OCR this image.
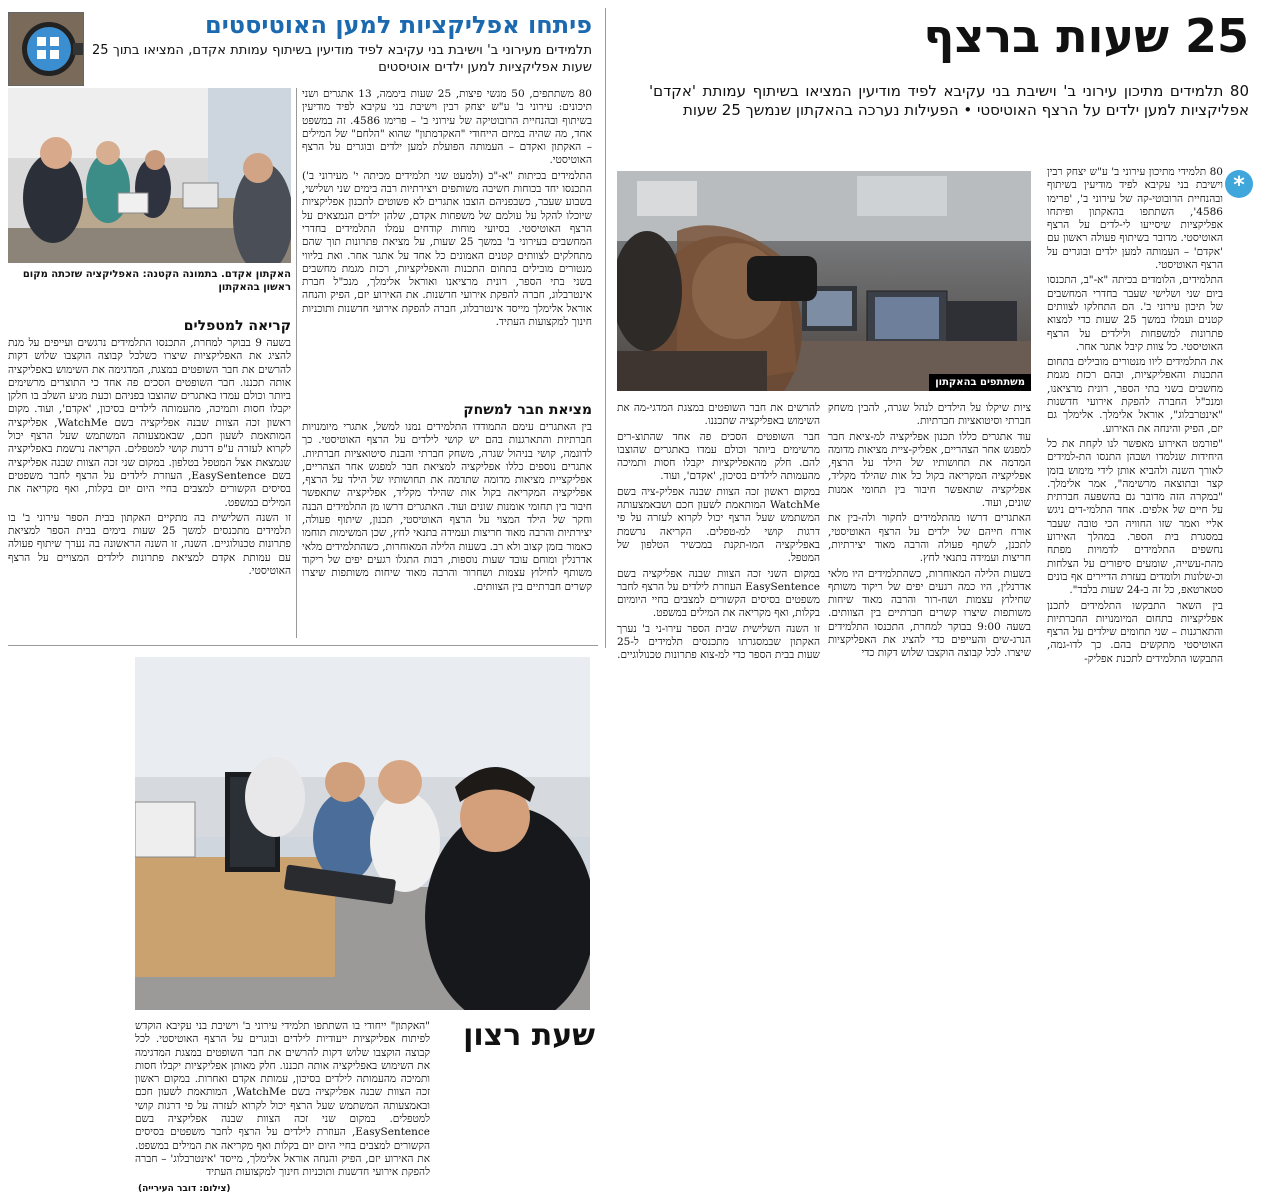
25 שעות ברצף
80 תלמידים מתיכון עירוני ב' וישיבת בני עקיבא לפיד מודיעין המציאו בשיתוף עמותת 'אקדם' אפליקציות למען ילדים על הרצף האוטיסטי • הפעילות נערכה בהאקתון שנמשך 25 שעות
משתתפים בהאקתון
*

80 תלמידי מתיכון עירוני ב' ע"ש יצחק רבין וישיבת בני עקיבא לפיד מודיעין בשיתוף ובהנחיית הרובוטי-קה של עירוני ב', 'פרימו 4586', השתתפו בהאקתון ופיתחו אפליקציות שיסייעו לי-לדים על הרצף האוטיסטי. מדובר בשיתוף פעולה ראשון עם 'אקדם' – העמותה למען ילדים ובוגרים על הרצף האוטיסטי.

התלמידים, הלומדים בכיתה "א-"ב, התכנסו ביום שני ושלישי שעבר בחדרי המחשבים של תיכון עירוני ב'. הם התחלקו לצוותים קטנים ועמלו במשך 25 שעות כדי למצוא פתרונות למשפחות ולילדים על הרצף האוטיסטי. כל צוות קיבל אתגר אחר.

את התלמידים ליוו מנטורים מובילים בתחום התכנות והאפליקציות, ובהם רכזת מגמת מחשבים בשני בתי הספר, רונית מרציאנו, ומנכ"ל החברה להפקת אירועי חדשנות "אינטרבלוג", אוראל אלימלך. אלימלך גם יזם, הפיק והינחה את האירוע.

"פורמט האירוע מאפשר לנו לקחת את כל היחידות שנלמדו ושבהן התנסו הת-למידים לאורך השנה ולהביא אותן לידי מימוש בזמן קצר ובתוצאה מרשימה", אמר אלימלך. "במקרה הזה מדובר גם בהשפעה חברתית על חיים של אלפים. אחד התלמי-דים ניגש אליי ואמר שזו החוויה הכי טובה שעבר במסגרת בית הספר. במהלך האירוע נחשפים התלמידים לדמויות מפתח מהת-עשייה, שומעים סיפורים על הצלחות וכ-שלונות ולומדים בעזרת הדיירים אף בונים סטארטאפ, כל זה ב-24 שעות בלבד".

בין השאר התבקשו התלמידים לתכנן אפליקציות בתחום המיומנויות החברתיות והתארגנות – שני תחומים שילדים על הרצף האוטיסטי מתקשים בהם. כך לדו-גמה, התבקשו התלמידים לתכנת אפליק-

ציות שיקלו על הילדים לנהל שגרה, להבין משחק חברתי וסיטואציות חברתיות.

עוד אתגרים כללו תכנון אפליקציה למ-ציאת חבר למפגש אחר הצהריים, אפליק-ציית מציאות מדומה המדמה את תחושותיו של הילד על הרצף, אפליקציה המקריאה בקול כל אות שהילד מקליד, אפליקציה שתאפשר חיבור בין תחומי אמנות שונים, ועוד.

האתגרים דרשו מהתלמידים לחקור ולה-בין את אורח חייהם של ילדים על הרצף האוטיסטי, לתכנן, לשתף פעולה והרבה מאוד יצירתיות, חריצות ועמידה בתנאי לחץ.

בשעות הלילה המאוחרות, כשהתלמידים היו מלאי אדרנלין, היו כמה רגעים יפים של ריקוד משותף שחילוץ עצמות ושח-רור והרבה מאוד שיחות משותפות שיצרו קשרים חברתיים בין הצוותים. בשעה 9:00 בבוקר למחרת, התכנסו התלמידים הנרג-שים והעייפים כדי להציג את האפליקציות שיצרו. לכל קבוצה הוקצבו שלוש דקות כדי

להרשים את חבר השופטים במצגת המדגי-מה את השימוש באפליקציה שתכננו.

חבר השופטים הסכים פה אחד שהתוצ-רים מרשימים ביותר וכולם עמדו באתגרים שהוצבו להם. חלק מהאפליקציות יקבלו חסות ותמיכה מהעמותה לילדים בסיכון, 'אקדם', ועוד.

במקום ראשון זכה הצוות שבנה אפליק-ציה בשם WatchMe המותאמת לשעון חכם ושבאמצעותה המשתמש שעל הרצף יכול לקרוא לעזרה על פי דרגות קושי למ-טפלים. הקריאה נרשמת באפליקציה המו-תקנת במכשיר הטלפון של המטפל.

במקום השני זכה הצוות שבנה אפליקציה בשם EasySentence העוזרת לילדים על הרצף לחבר משפטים בסיסים הקשורים למצבים בחיי היומיום בקלות, ואף מקריאה את המילים במשפט.

זו השנה השלישית שבית הספר עירו-ני ב' נערך האקתון שבמסגרתו מתכנסים תלמידים ל-25 שעות בבית הספר כדי למ-צוא פתרונות טכנולוגיים.

פיתחו אפליקציות למען האוטיסטים
תלמידים מעירוני ב' וישיבת בני עקיבא לפיד מודיעין בשיתוף עמותת אקדם, המציאו בתוך 25 שעות אפליקציות למען ילדים אוטיסטים
האקתון אקדם. בתמונה הקטנה: האפליקציה שזכתה מקום ראשון בהאקתון

80 משתתפים, 50 מגשי פיצות, 25 שעות ביממה, 13 אתגרים ושני תיכונים: עירוני ב' ע"ש יצחק רבין וישיבת בני עקיבא לפיד מודיעין בשיתוף ובהנחיית הרובוטיקה של עירוני ב' – פרימו 4586. זה במשפט אחד, מה שהיה במיזם הייחודי "האקדמתון" שהוא "הלחם" של המילים – האקתון ואקדם – העמותה הפועלת למען ילדים ובוגרים על הרצף האוטיסטי.

התלמידים בכיתות "א-"ב (ולמעט שני תלמידים מכיתה י' מעירוני ב') התכנסו יחד בכוחות חשיבה משותפים ויצירתיות רבה בימים שני ושלישי, בשבוע שעבר, כשבפניהם הוצבו אתגרים לא פשוטים לתכנון אפליקציות שיוכלו להקל על עולמם של משפחות אקדם, שלהן ילדים הנמצאים על הרצף האוטיסטי. בסיועי מוחות קודחים עמלו התלמידים בחדרי המחשבים בעירוני ב' במשך 25 שעות, על מציאת פתרונות תוך שהם מתחלקים לצוותים קטנים האמונים כל אחד על אתגר אחר. ואת בליווי מנטורים מובילים בתחום התכנות והאפליקציות, רכזת מגמת מחשבים בשני בתי הספר, רונית מרציאנו ואוראל אלימלך, מנכ"ל חברת אינטרבלוג, חברה להפקת אירועי חדשנות. את האירוע יזם, הפיק והנחה אוראל אלימלך מייסד אינטרבלוג, חברה להפקת אירועי חדשנות ותוכניות חינוך למקצועות העתיד.

מציאת חבר למשחק

בין האתגרים עימם התמודדו התלמידים נמנו למשל, אתגרי מיומנויות חברתיות והתארגנות בהם יש קושי לילדים על הרצף האוטיסטי. כך לדוגמה, קושי בניהול שגרה, משחק חברתי והבנת סיטואציות חברתיות. אתגרים נוספים כללו אפליקציה למציאת חבר למפגש אחר הצהריים, אפליקציית מציאות מדומה שתדמה את תחושותיו של הילד על הרצף, אפליקציה המקריאה בקול אות שהילד מקליד, אפליקציה שתאפשר חיבור בין תחומי אומנות שונים ועוד. האתגרים דרשו מן התלמידים הבנה וחקר של הילד המצוי על הרצף האוטיסטי, תכנון, שיתוף פעולה, יצירתיות והרבה מאוד חריצות ועמידה בתנאי לחץ, שכן המשימות תוחמו כאמור בזמן קצוב ולא רב. בשעות הלילה המאוחרות, כשהתלמידים מלאי אדרנלין ומוחם עובד שעות נוספות, רבות התגלו רגעים יפים של ריקוד משותף לחילוץ עצמות ושחרור והרבה מאוד שיחות משותפות שיצרו קשרים חברתיים בין הצוותים.

קריאה למטפלים

בשעה 9 בבוקר למחרת, התכנסו התלמידים נרגשים ועייפים על מנת להציג את האפליקציות שיצרו כשלכל קבוצה הוקצבו שלוש דקות להרשים את חבר השופטים במצגת, המדגימה את השימוש באפליקציה אותה תכננו. חבר השופטים הסכים פה אחד כי התוצרים מרשימים ביותר וכולם עמדו באתגרים שהוצבו בפניהם וכעת מגיע השלב בו חלקן יקבלו חסות ותמיכה, מהעמותה לילדים בסיכון, 'אקדם', ועוד. מקום ראשון זכה הצוות שבנה אפליקציה בשם WatchMe, אפליקציה המותאמת לשעון חכם, שבאמצעותה המשתמש שעל הרצף יכול לקרוא לעזרה ע"פ דרגות קושי למטפלים. הקריאה נרשמת באפליקציה שנמצאת אצל המטפל בטלפון. במקום שני זכה הצוות שבנה אפליקציה בשם EasySentence, העוזרת לילדים על הרצף לחבר משפטים בסיסים הקשורים למצבים בחיי היום יום בקלות, ואף מקריאה את המילים במשפט.

זו השנה השלישית בה מתקיים האקתון בבית הספר עירוני ב' בו תלמידים מתכנסים למשך 25 שעות בימים בבית הספר למציאת פתרונות טכנולוגיים. השנה, זו השנה הראשונה בה נערך שיתוף פעולה עם עמותת אקדם למציאת פתרונות לילדים המצויים על הרצף האוטיסטי.

שעת רצון

"האקתון" ייחודי בו השתתפו תלמידי עירוני ב' וישיבת בני עקיבא הוקדש לפיתוח אפליקציות ייעודיות לילדים ובוגרים על הרצף האוטיסטי. לכל קבוצה הוקצבו שלוש דקות להרשים את חבר השופטים במצגת המדגימה את השימוש באפליקציה אותה תכננו. חלק מאותן אפליקציות יקבלו חסות ותמיכה מהעמותה לילדים בסיכון, עמותת אקדם ואחרות. במקום ראשון זכה הצוות שבנה אפליקציה בשם WatchMe, המותאמת לשעון חכם ובאמצעותה המשתמש שעל הרצף יכול לקרוא לעזרה על פי דרגות קושי למטפלים. במקום שני זכה הצוות שבנה אפליקציה בשם EasySentence, העוזרת לילדים על הרצף לחבר משפטים בסיסים הקשורים למצבים בחיי היום יום בקלות ואף מקריאה את המילים במשפט. את האירוע יזם, הפיק והנחה אוראל אלימלך, מייסד 'אינטרבלוג' – חברה להפקת אירועי חדשנות ותוכניות חינוך למקצועות העתיד

(צילום: דובר העירייה)
